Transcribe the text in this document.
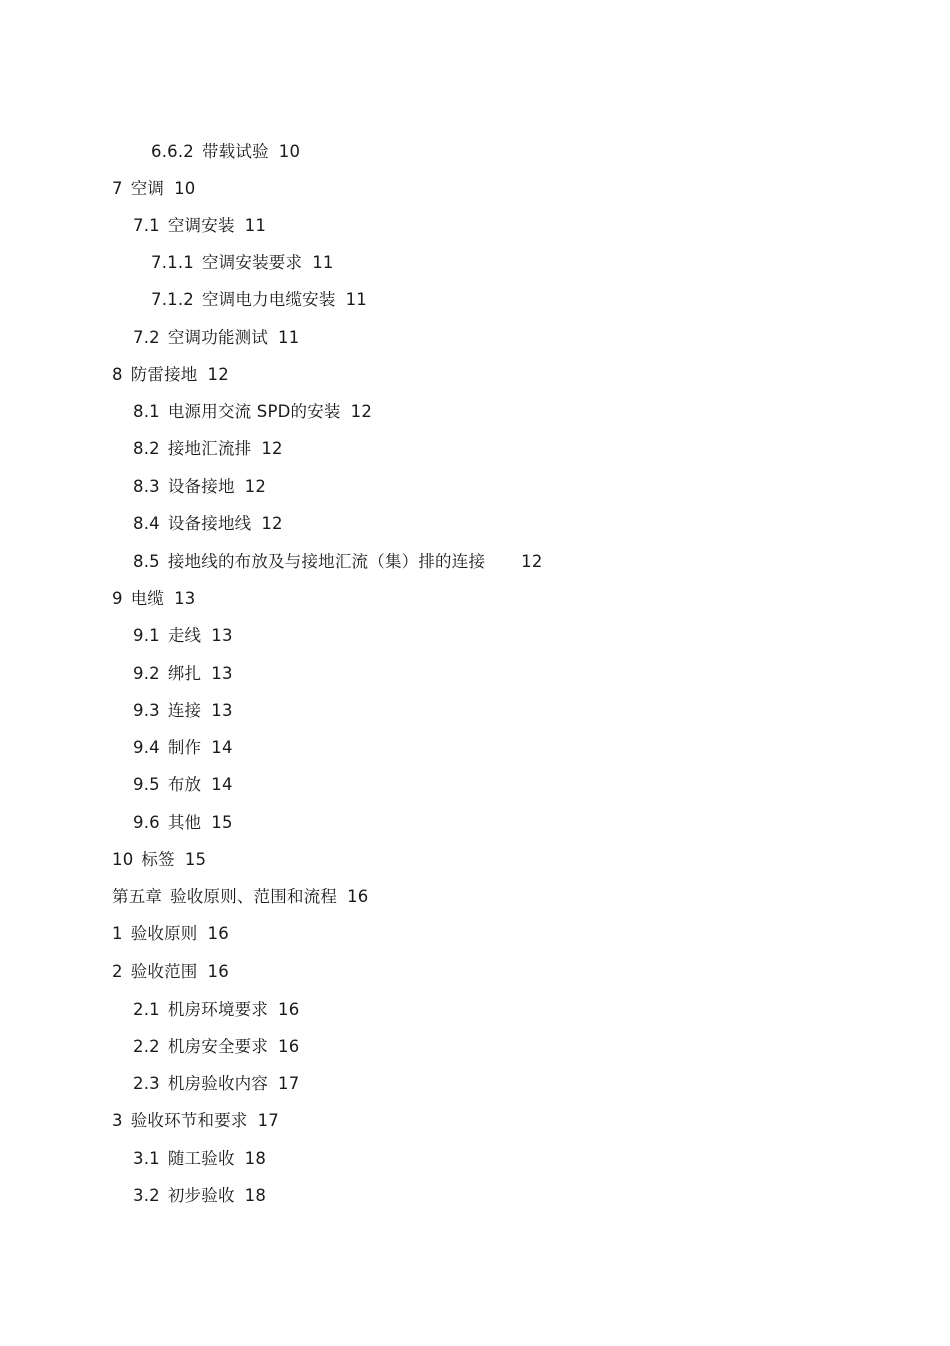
6.6.2 带载试验 10
7 空调 10
7.1 空调安装 11
7.1.1 空调安装要求 11
7.1.2 空调电力电缆安装 11
7.2 空调功能测试 11
8 防雷接地 12
8.1 电源用交流 SPD的安装 12
8.2 接地汇流排 12
8.3 设备接地 12
8.4 设备接地线 12
8.5 接地线的布放及与接地汇流（集）排的连接 12
9 电缆 13
9.1 走线 13
9.2 绑扎 13
9.3 连接 13
9.4 制作 14
9.5 布放 14
9.6 其他 15
10 标签 15
第五章 验收原则、范围和流程 16
1 验收原则 16
2 验收范围 16
2.1 机房环境要求 16
2.2 机房安全要求 16
2.3 机房验收内容 17
3 验收环节和要求 17
3.1 随工验收 18
3.2 初步验收 18
